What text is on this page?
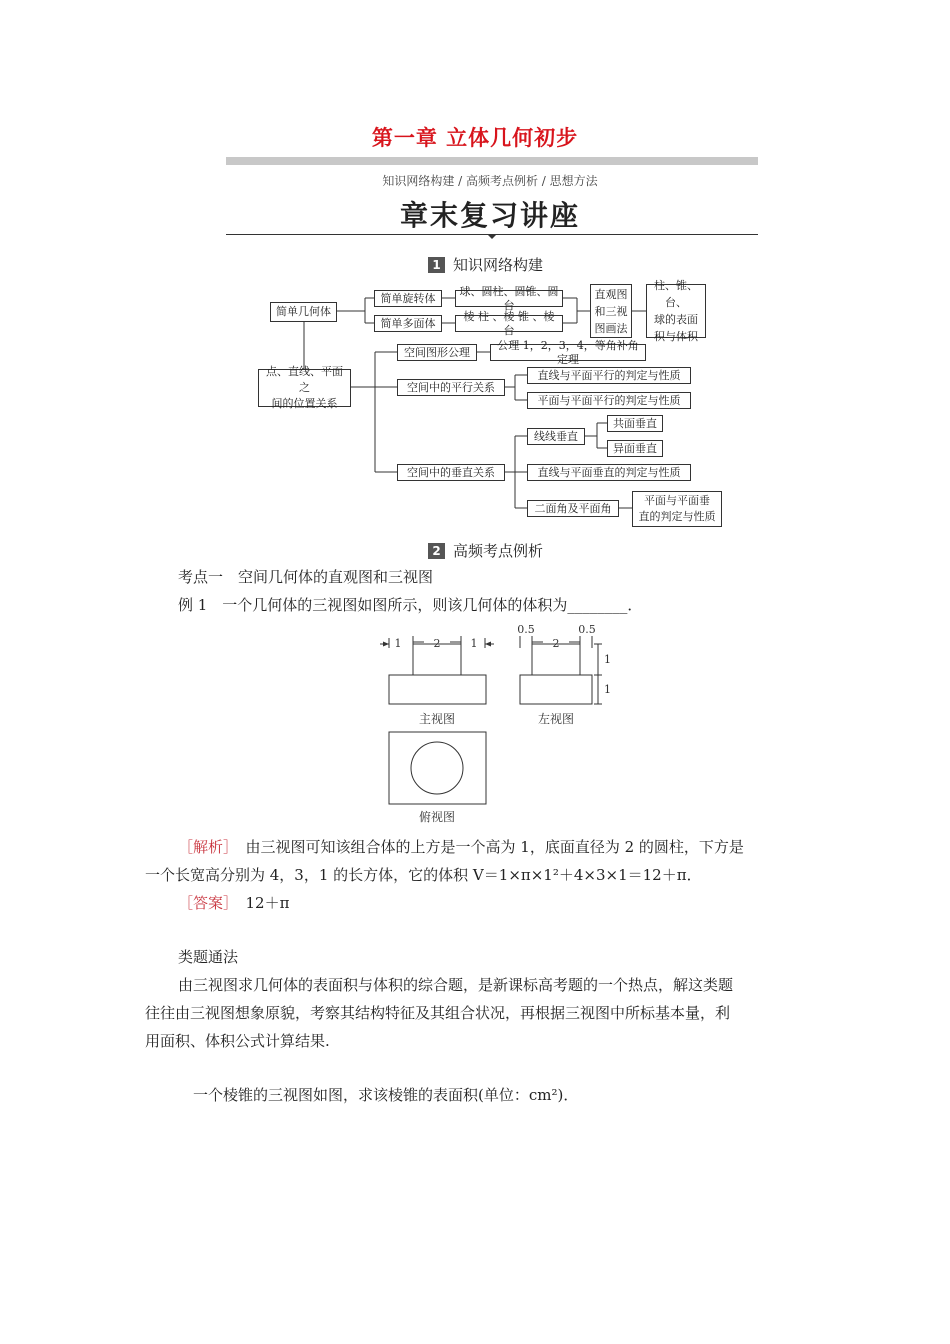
第一章 立体几何初步
知识网络构建 / 高频考点例析 / 思想方法
章末复习讲座
1 知识网络构建
简单几何体
简单旋转体
球、圆柱、圆锥、圆台
简单多面体
棱 柱 、棱 锥 、棱 台
直观图
和三视
图画法
柱、锥、台、
球的表面
积与体积
点、直线、平面之
间的位置关系
空间图形公理
公理 1，2，3，4，等角补角定理
空间中的平行关系
直线与平面平行的判定与性质
平面与平面平行的判定与性质
空间中的垂直关系
线线垂直
共面垂直
异面垂直
直线与平面垂直的判定与性质
二面角及平面角
平面与平面垂
直的判定与性质
2 高频考点例析
考点一　空间几何体的直观图和三视图
例 1　一个几何体的三视图如图所示，则该几何体的体积为________．
1	2	1
0.5	0.5
2
1
1
主视图	左视图
俯视图
［解析］　由三视图可知该组合体的上方是一个高为 1，底面直径为 2 的圆柱，下方是
一个长宽高分别为 4，3，1 的长方体，它的体积 V＝1×π×1²＋4×3×1＝12＋π．
［答案］　12＋π
类题通法
由三视图求几何体的表面积与体积的综合题，是新课标高考题的一个热点，解这类题
往往由三视图想象原貌，考察其结构特征及其组合状况，再根据三视图中所标基本量，利
用面积、体积公式计算结果.
一个棱锥的三视图如图，求该棱锥的表面积(单位：cm²)．
